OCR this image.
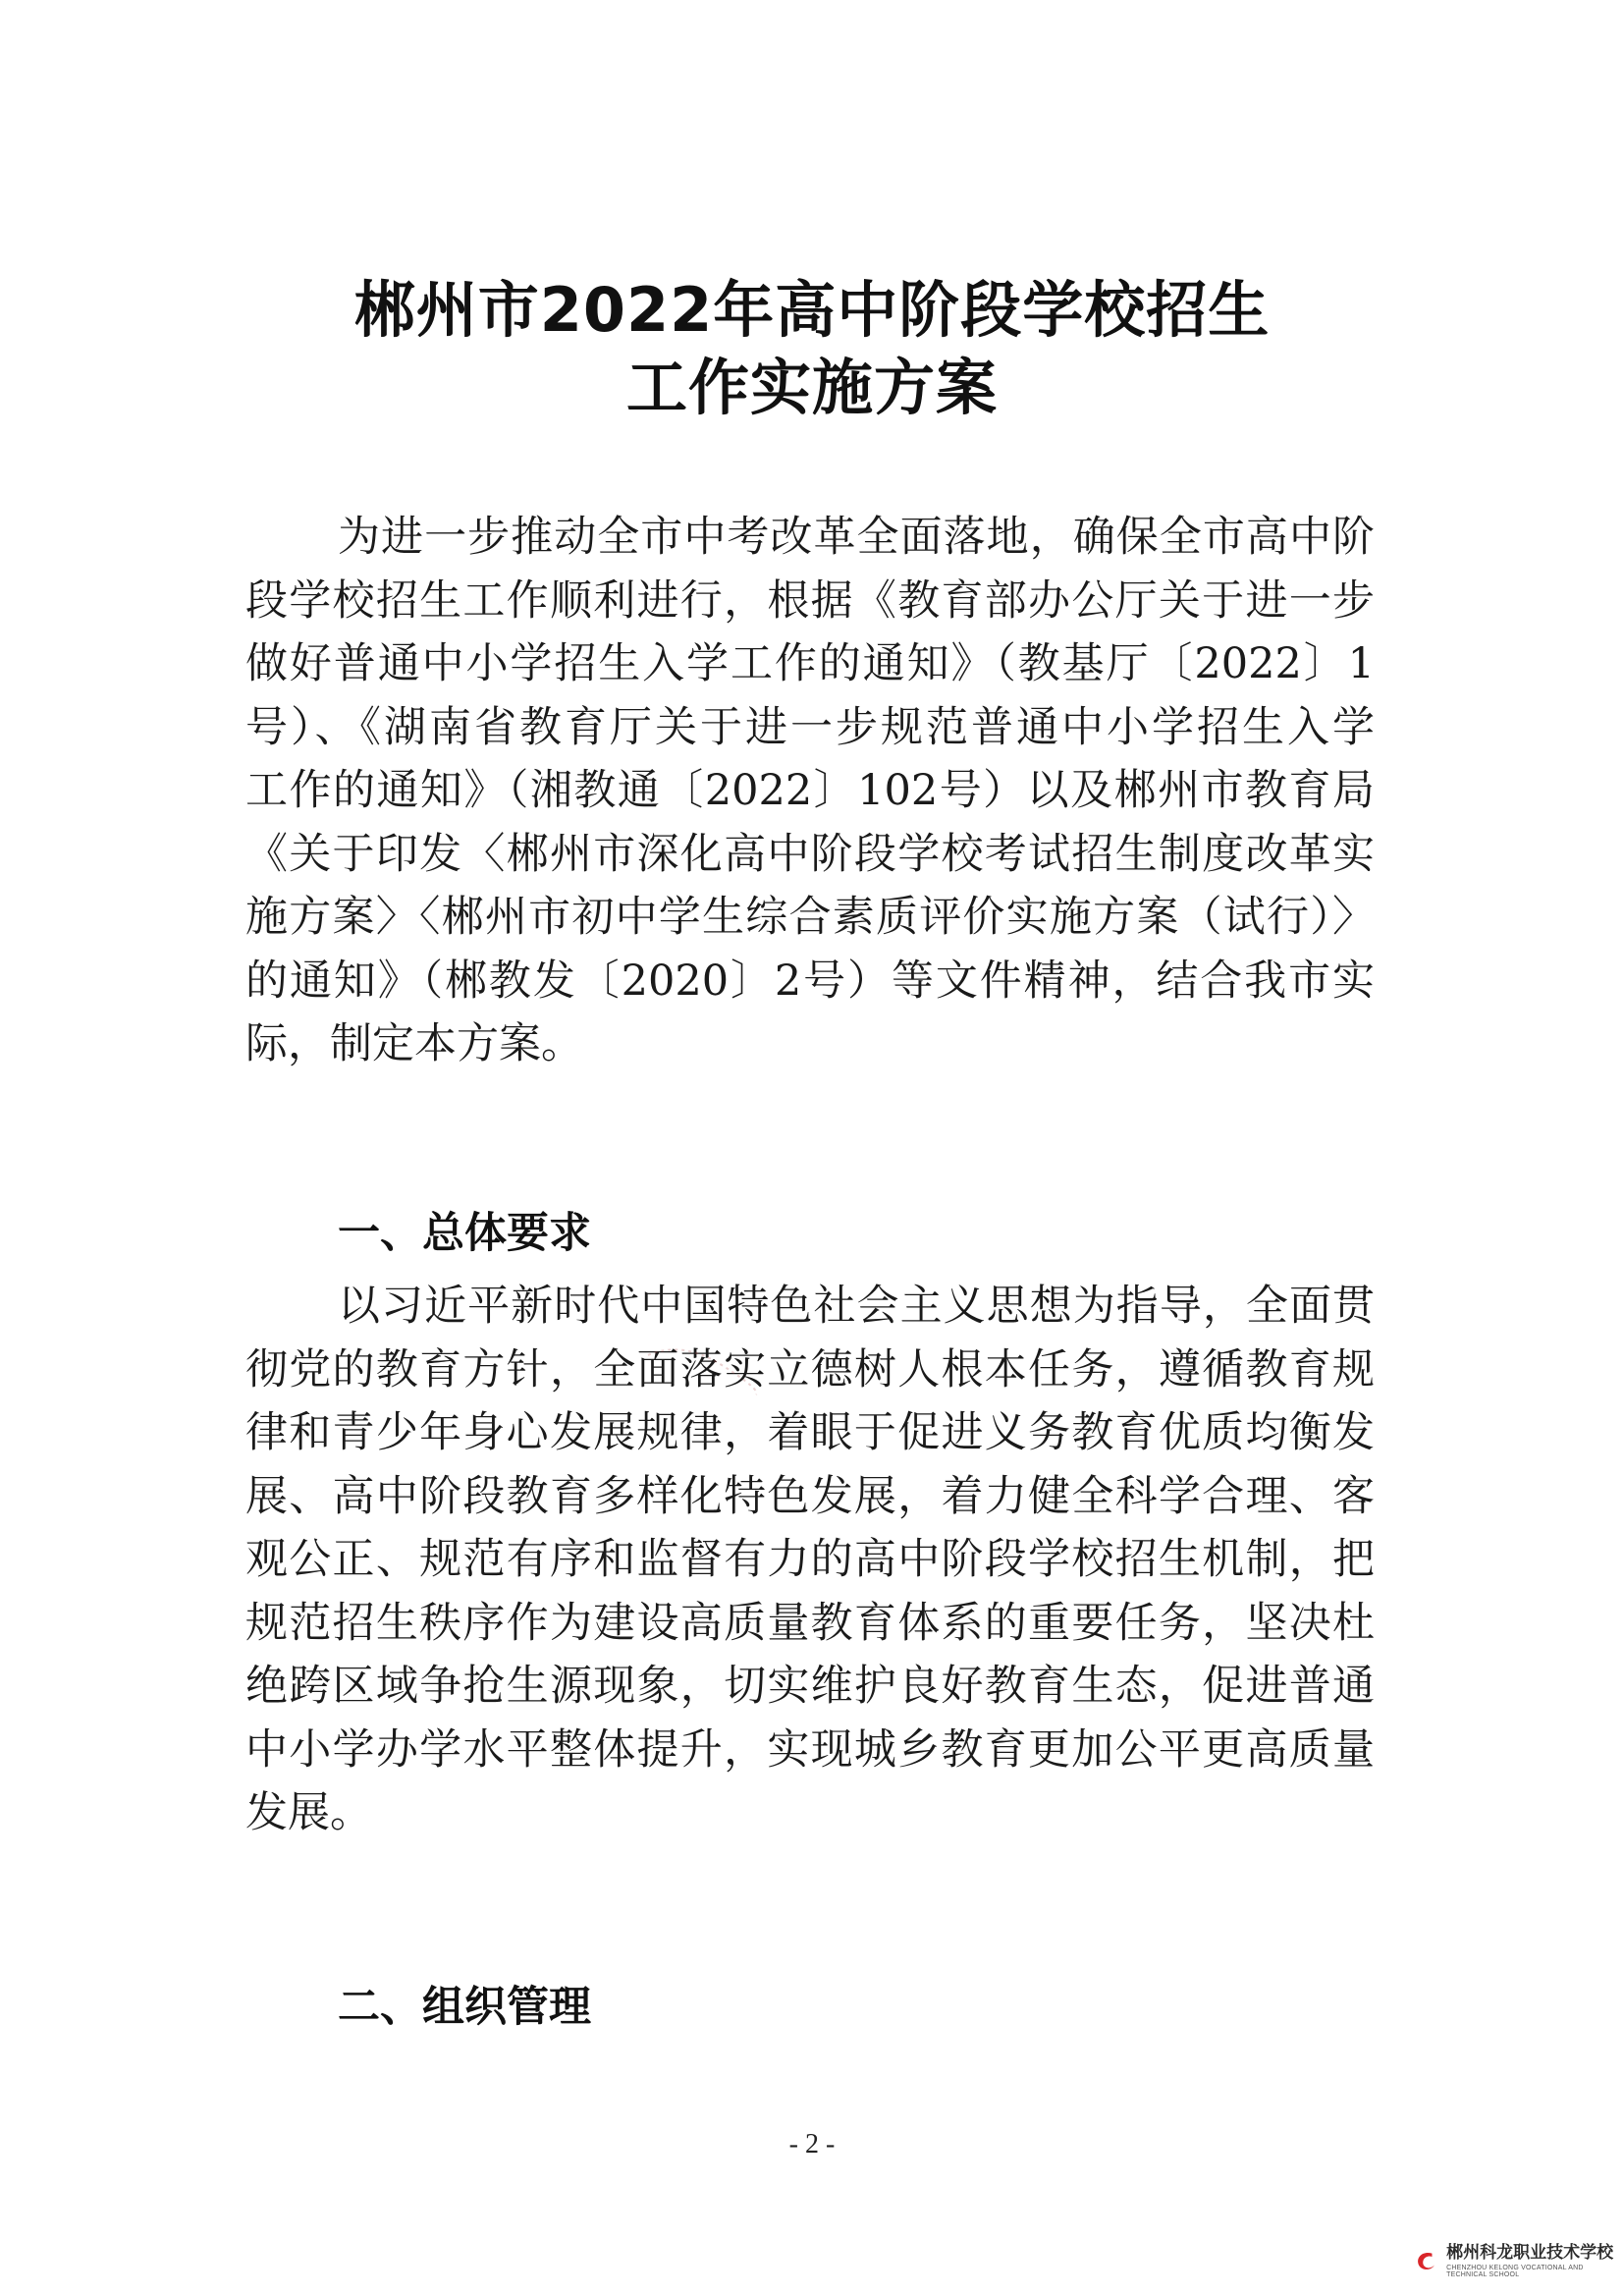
郴州市2022年高中阶段学校招生
工作实施方案
为进一步推动全市中考改革全面落地，确保全市高中阶
段学校招生工作顺利进行，根据《教育部办公厅关于进一步
做好普通中小学招生入学工作的通知》（教基厅〔2022〕1
号）、《湖南省教育厅关于进一步规范普通中小学招生入学
工作的通知》（湘教通〔2022〕102号）以及郴州市教育局
《关于印发〈郴州市深化高中阶段学校考试招生制度改革实
施方案〉〈郴州市初中学生综合素质评价实施方案（试行）〉
的通知》（郴教发〔2020〕2号）等文件精神，结合我市实
际，制定本方案。
一、总体要求
以习近平新时代中国特色社会主义思想为指导，全面贯
彻党的教育方针，全面落实立德树人根本任务，遵循教育规
律和青少年身心发展规律，着眼于促进义务教育优质均衡发
展、高中阶段教育多样化特色发展，着力健全科学合理、客
观公正、规范有序和监督有力的高中阶段学校招生机制，把
规范招生秩序作为建设高质量教育体系的重要任务，坚决杜
绝跨区域争抢生源现象，切实维护良好教育生态，促进普通
中小学办学水平整体提升，实现城乡教育更加公平更高质量
发展。
二、组织管理
- 2 -
郴州科龙职业技术学校
CHENZHOU KELONG VOCATIONAL AND TECHNICAL SCHOOL
